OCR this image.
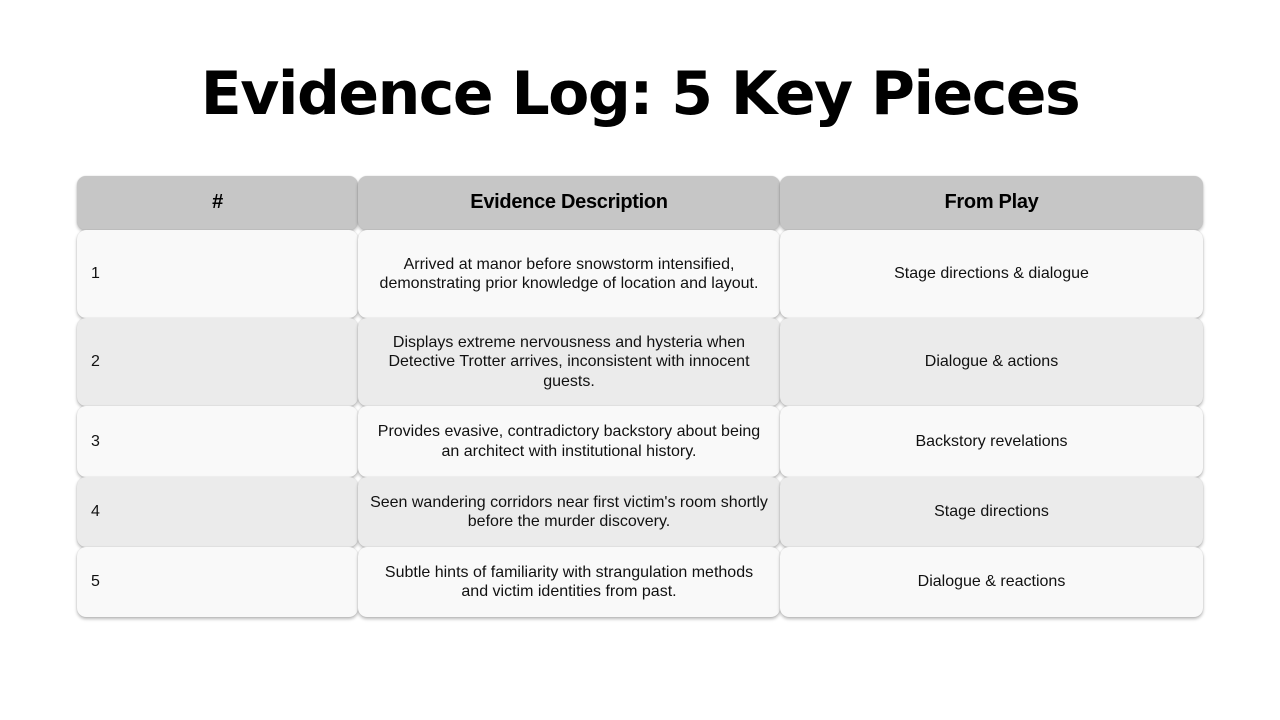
Evidence Log: 5 Key Pieces
#	Evidence Description	From Play
1
Arrived at manor before snowstorm intensified, demonstrating prior knowledge of location and layout.
Stage directions & dialogue
2
Displays extreme nervousness and hysteria when Detective Trotter arrives, inconsistent with innocent guests.
Dialogue & actions
3
Provides evasive, contradictory backstory about being an architect with institutional history.
Backstory revelations
4
Seen wandering corridors near first victim's room shortly before the murder discovery.
Stage directions
5
Subtle hints of familiarity with strangulation methods and victim identities from past.
Dialogue & reactions
